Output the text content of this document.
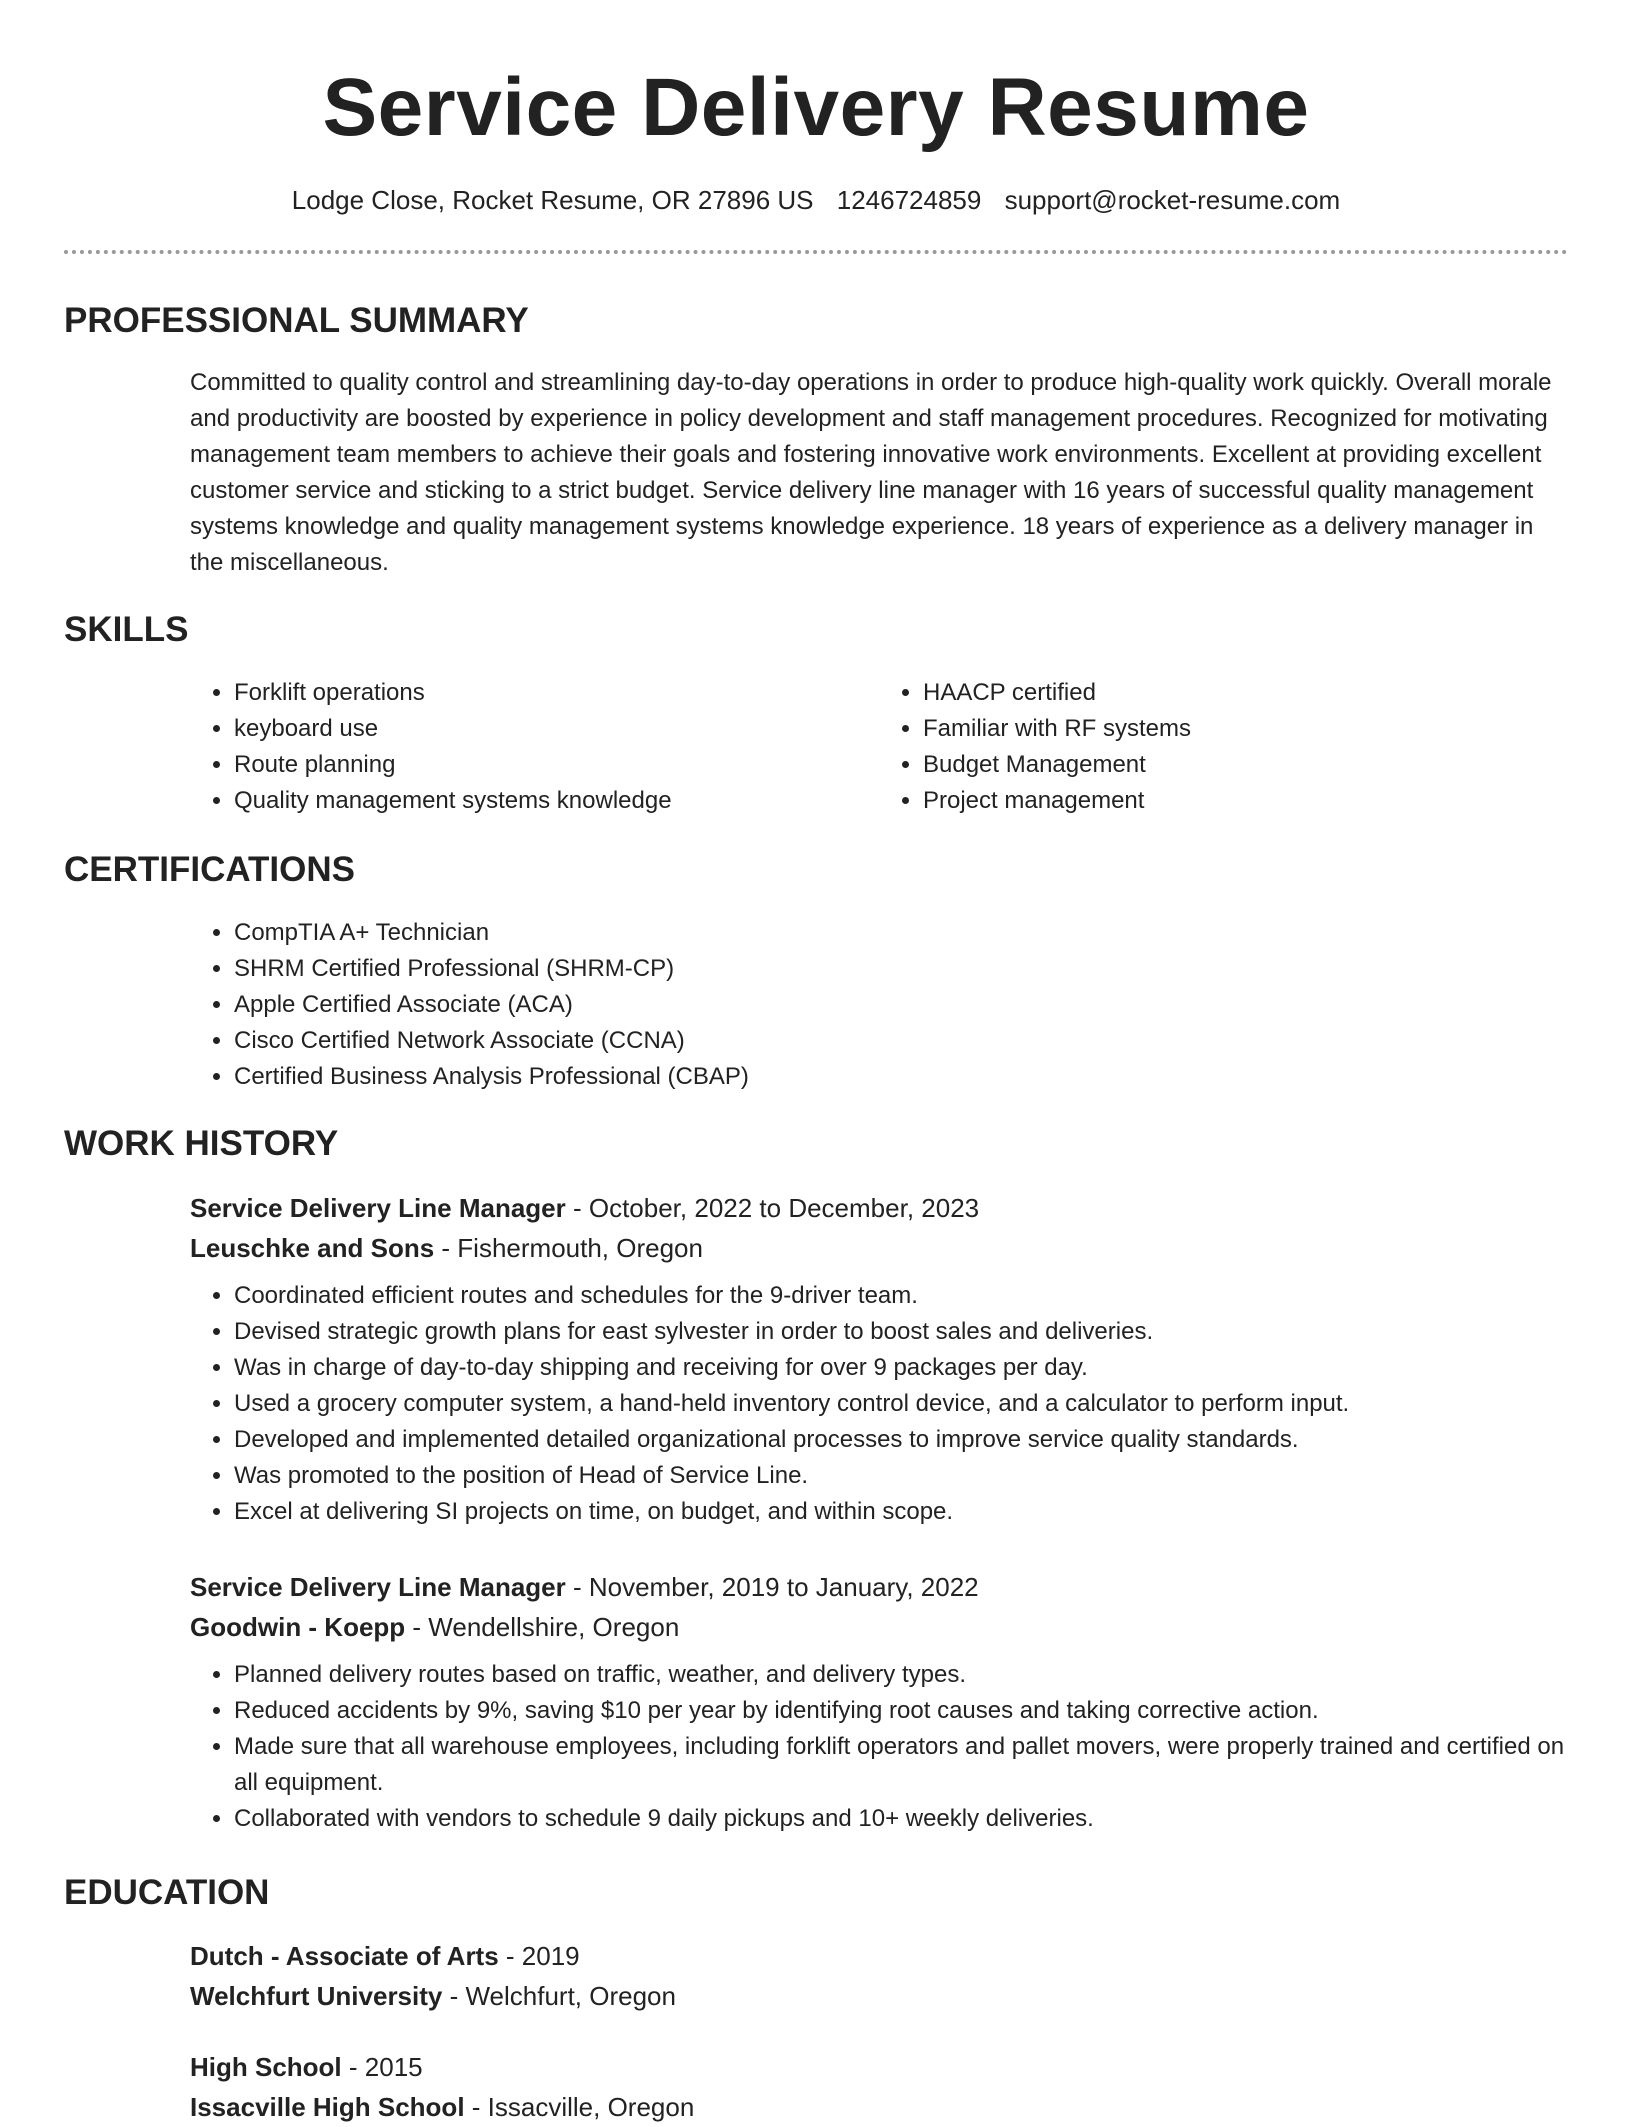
Service Delivery Resume
Lodge Close, Rocket Resume, OR 27896 US 1246724859 support@rocket-resume.com
PROFESSIONAL SUMMARY

Committed to quality control and streamlining day-to-day operations in order to produce high-quality work quickly. Overall morale and productivity are boosted by experience in policy development and staff management procedures. Recognized for motivating management team members to achieve their goals and fostering innovative work environments. Excellent at providing excellent customer service and sticking to a strict budget. Service delivery line manager with 16 years of successful quality management systems knowledge and quality management systems knowledge experience. 18 years of experience as a delivery manager in the miscellaneous.

SKILLS
• Forklift operations
• keyboard use
• Route planning
• Quality management systems knowledge
• HAACP certified
• Familiar with RF systems
• Budget Management
• Project management
CERTIFICATIONS
• CompTIA A+ Technician
• SHRM Certified Professional (SHRM-CP)
• Apple Certified Associate (ACA)
• Cisco Certified Network Associate (CCNA)
• Certified Business Analysis Professional (CBAP)
WORK HISTORY

Service Delivery Line Manager - October, 2022 to December, 2023

Leuschke and Sons - Fishermouth, Oregon

• Coordinated efficient routes and schedules for the 9-driver team.
• Devised strategic growth plans for east sylvester in order to boost sales and deliveries.
• Was in charge of day-to-day shipping and receiving for over 9 packages per day.
• Used a grocery computer system, a hand-held inventory control device, and a calculator to perform input.
• Developed and implemented detailed organizational processes to improve service quality standards.
• Was promoted to the position of Head of Service Line.
• Excel at delivering SI projects on time, on budget, and within scope.

Service Delivery Line Manager - November, 2019 to January, 2022

Goodwin - Koepp - Wendellshire, Oregon

• Planned delivery routes based on traffic, weather, and delivery types.
• Reduced accidents by 9%, saving $10 per year by identifying root causes and taking corrective action.
• Made sure that all warehouse employees, including forklift operators and pallet movers, were properly trained and certified on all equipment.
• Collaborated with vendors to schedule 9 daily pickups and 10+ weekly deliveries.
EDUCATION

Dutch - Associate of Arts - 2019

Welchfurt University - Welchfurt, Oregon

High School - 2015

Issacville High School - Issacville, Oregon
